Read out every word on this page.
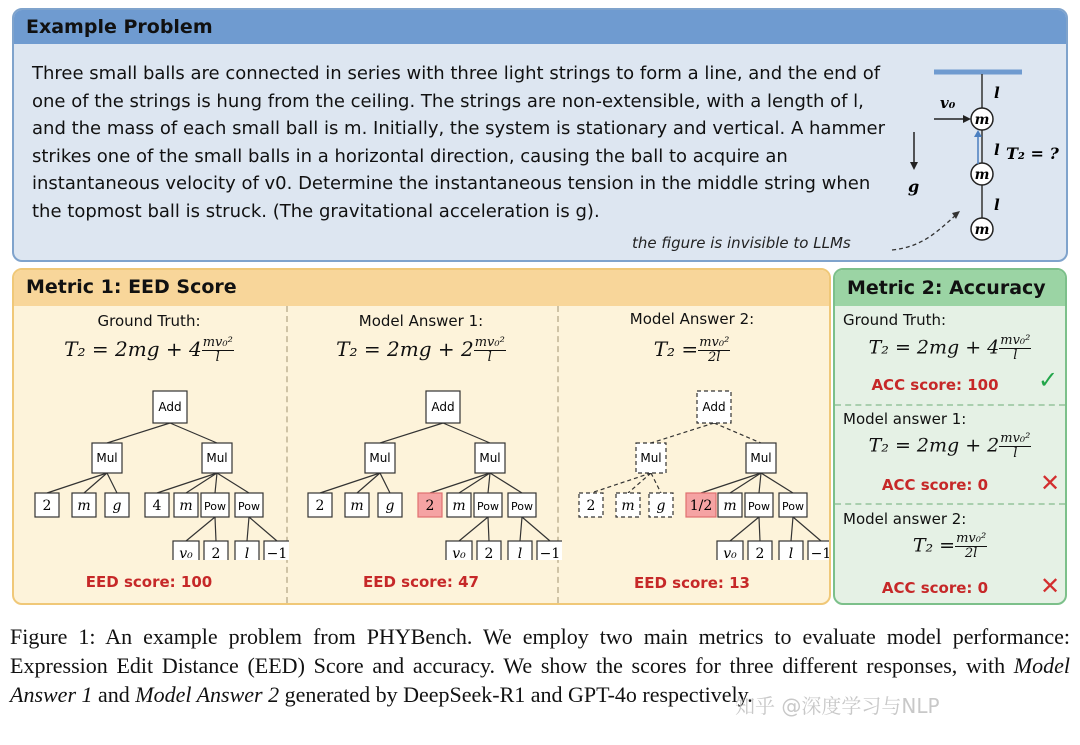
Example Problem
Three small balls are connected in series with three light strings to form a line, and the end of one of the strings is hung from the ceiling. The strings are non-extensible, with a length of l, and the mass of each small ball is m. Initially, the system is stationary and vertical. A hammer strikes one of the small balls in a horizontal direction, causing the ball to acquire an instantaneous velocity of v0. Determine the instantaneous tension in the middle string when the topmost ball is struck. (The gravitational acceleration is g).
the figure is invisible to LLMs
m
m
m
l
l
l
T₂ = ?
v₀
g
Metric 1: EED Score
Ground Truth:
$T_2 = 2mg + 4 \frac{\text{mv₀²}}{l}$
EED score: 100
Model Answer 1:
$T_2 = 2mg + 2 \frac{\text{mv₀²}}{l}$
EED score: 47
Model Answer 2:
$T_2 = \frac{\text{mv₀²}}{2l}$
EED score: 13
Add
Mul	Mul
2 m g 4 m Pow Pow
v₀ 2 l −1
Add
Mul	Mul
2 m g 2 m Pow Pow
v₀ 2 l −1
Add
Mul	Mul
2 m g 1/2 m Pow Pow
v₀ 2 l −1
Metric 2: Accuracy
Ground Truth:
$T_2 = 2mg + 4 \frac{\text{mv₀²}}{l}$
ACC score: 100	✓
Model answer 1:
$T_2 = 2mg + 2 \frac{\text{mv₀²}}{l}$
ACC score: 0	✕
Model answer 2:
$T_2 = \frac{\text{mv₀²}}{2l}$
ACC score: 0	✕
Figure 1: An example problem from PHYBench. We employ two main metrics to evaluate model performance: Expression Edit Distance (EED) Score and accuracy. We show the scores for three different responses, with Model Answer 1 and Model Answer 2 generated by DeepSeek-R1 and GPT-4o respectively.
知乎 @深度学习与NLP
